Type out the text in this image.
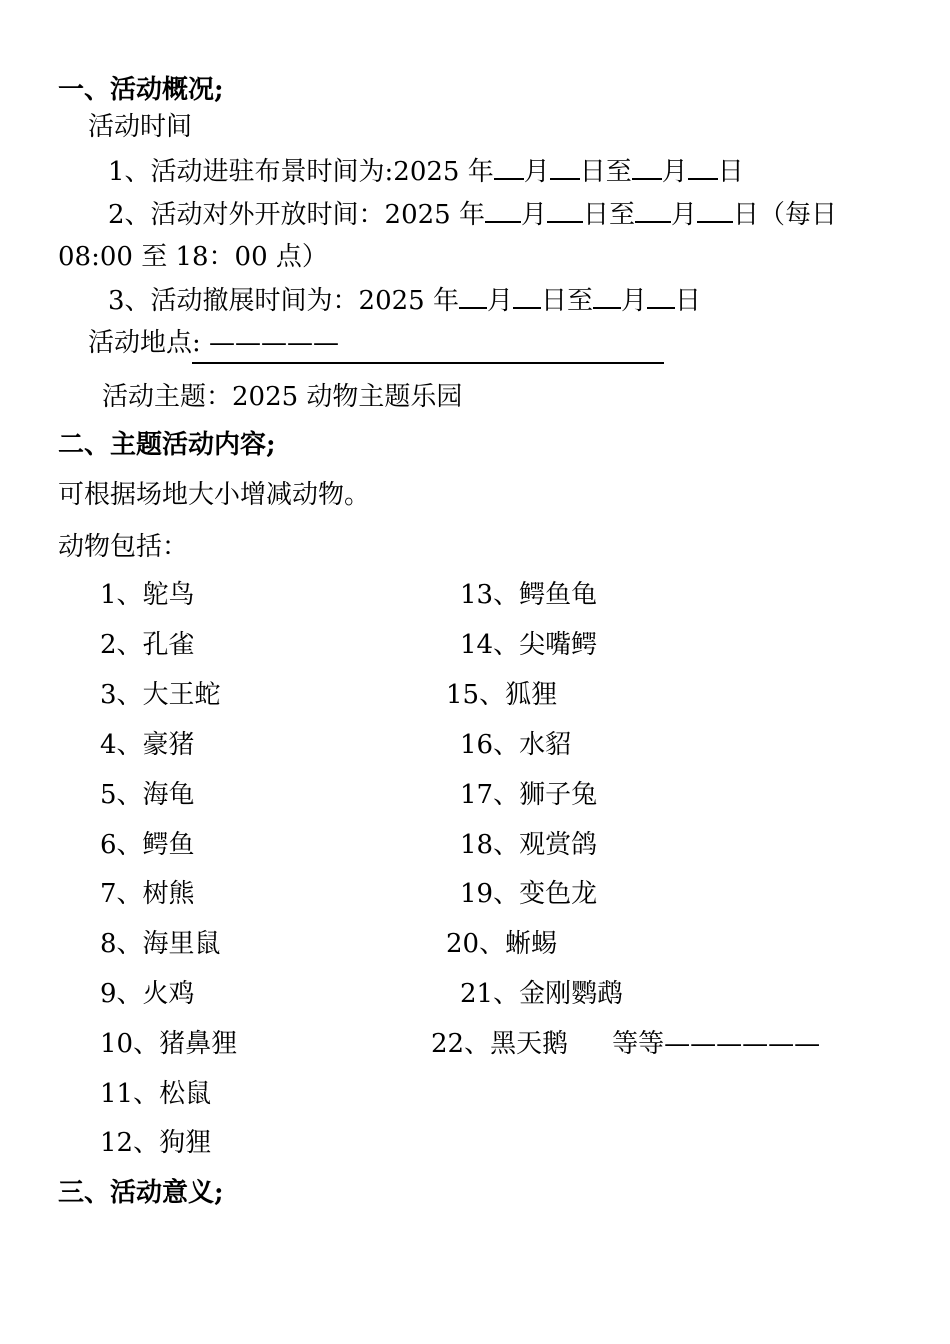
一、活动概况;
活动时间
1、活动进驻布景时间为:2025 年 月 日至 月 日
2、活动对外开放时间：2025 年 月 日至 月 日（每日
08:00 至 18：00 点）
3、活动撤展时间为：2025 年 月 日至 月 日
活动地点: —————
活动主题：2025 动物主题乐园
二、主题活动内容;
可根据场地大小增减动物。
动物包括：
1、鸵鸟
2、孔雀
3、大王蛇
4、豪猪
5、海龟
6、鳄鱼
7、树熊
8、海里鼠
9、火鸡
10、猪鼻狸
11、松鼠
12、狗狸
13、鳄鱼龟
14、尖嘴鳄
15、狐狸
16、水貂
17、狮子兔
18、观赏鸽
19、变色龙
20、蜥蜴
21、金刚鹦鹉
22、黑天鹅 等等——————
三、活动意义;
